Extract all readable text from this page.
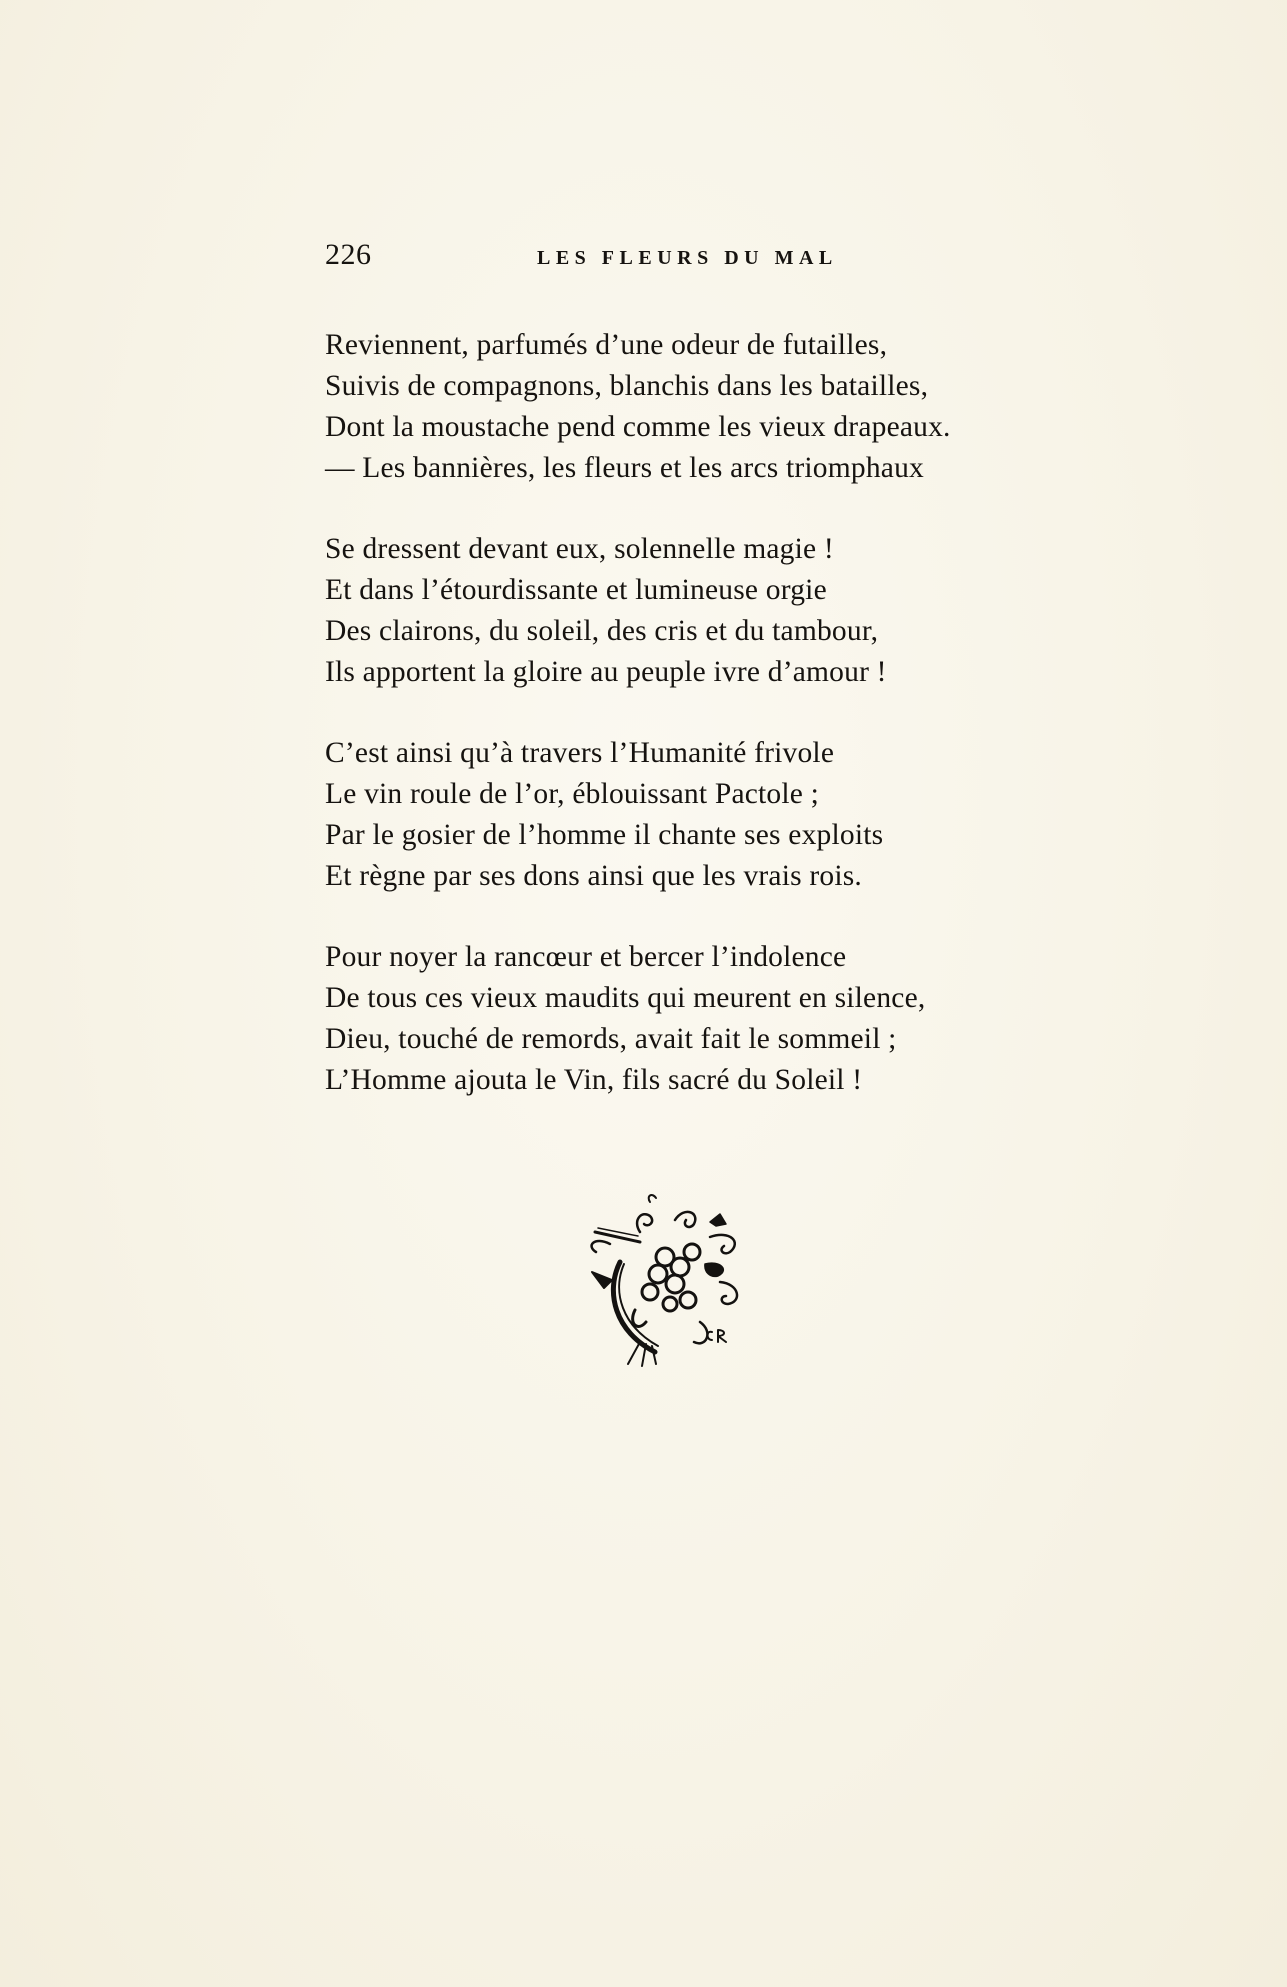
226	LES FLEURS DU MAL
Reviennent, parfumés d’une odeur de futailles,
Suivis de compagnons, blanchis dans les batailles,
Dont la moustache pend comme les vieux drapeaux.
— Les bannières, les fleurs et les arcs triomphaux
Se dressent devant eux, solennelle magie !
Et dans l’étourdissante et lumineuse orgie
Des clairons, du soleil, des cris et du tambour,
Ils apportent la gloire au peuple ivre d’amour !
C’est ainsi qu’à travers l’Humanité frivole
Le vin roule de l’or, éblouissant Pactole ;
Par le gosier de l’homme il chante ses exploits
Et règne par ses dons ainsi que les vrais rois.
Pour noyer la rancœur et bercer l’indolence
De tous ces vieux maudits qui meurent en silence,
Dieu, touché de remords, avait fait le sommeil ;
L’Homme ajouta le Vin, fils sacré du Soleil !
